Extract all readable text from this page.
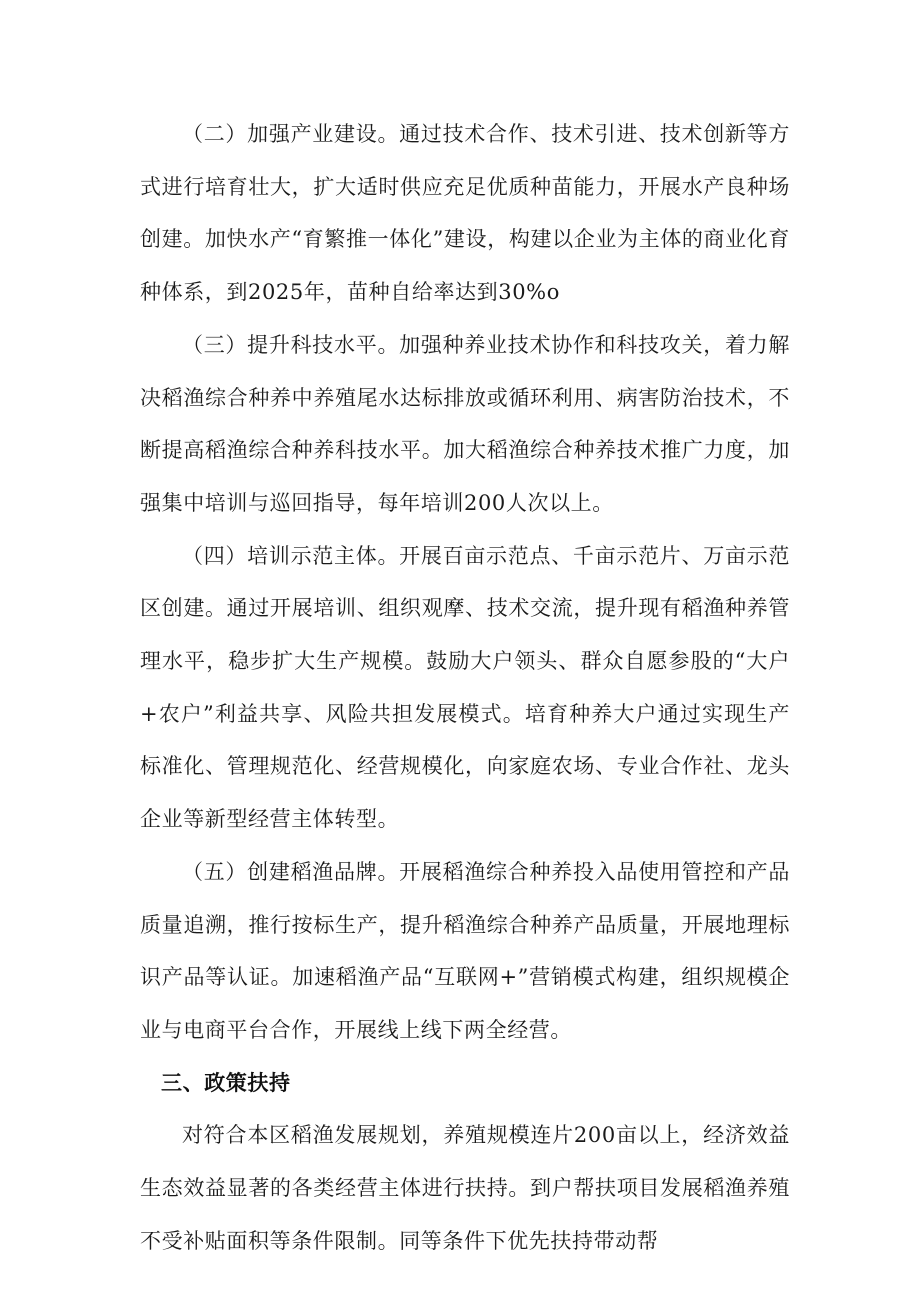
（二）加强产业建设。通过技术合作、技术引进、技术创新等方式进行培育壮大，扩大适时供应充足优质种苗能力，开展水产良种场创建。加快水产“育繁推一体化”建设，构建以企业为主体的商业化育种体系，到2025年，苗种自给率达到30%o

（三）提升科技水平。加强种养业技术协作和科技攻关，着力解决稻渔综合种养中养殖尾水达标排放或循环利用、病害防治技术，不断提高稻渔综合种养科技水平。加大稻渔综合种养技术推广力度，加强集中培训与巡回指导，每年培训200人次以上。

（四）培训示范主体。开展百亩示范点、千亩示范片、万亩示范区创建。通过开展培训、组织观摩、技术交流，提升现有稻渔种养管理水平，稳步扩大生产规模。鼓励大户领头、群众自愿参股的“大户+农户”利益共享、风险共担发展模式。培育种养大户通过实现生产标准化、管理规范化、经营规模化，向家庭农场、专业合作社、龙头企业等新型经营主体转型。

（五）创建稻渔品牌。开展稻渔综合种养投入品使用管控和产品质量追溯，推行按标生产，提升稻渔综合种养产品质量，开展地理标识产品等认证。加速稻渔产品“互联网+”营销模式构建，组织规模企业与电商平台合作，开展线上线下两全经营。

三、政策扶持

对符合本区稻渔发展规划，养殖规模连片200亩以上，经济效益生态效益显著的各类经营主体进行扶持。到户帮扶项目发展稻渔养殖不受补贴面积等条件限制。同等条件下优先扶持带动帮
